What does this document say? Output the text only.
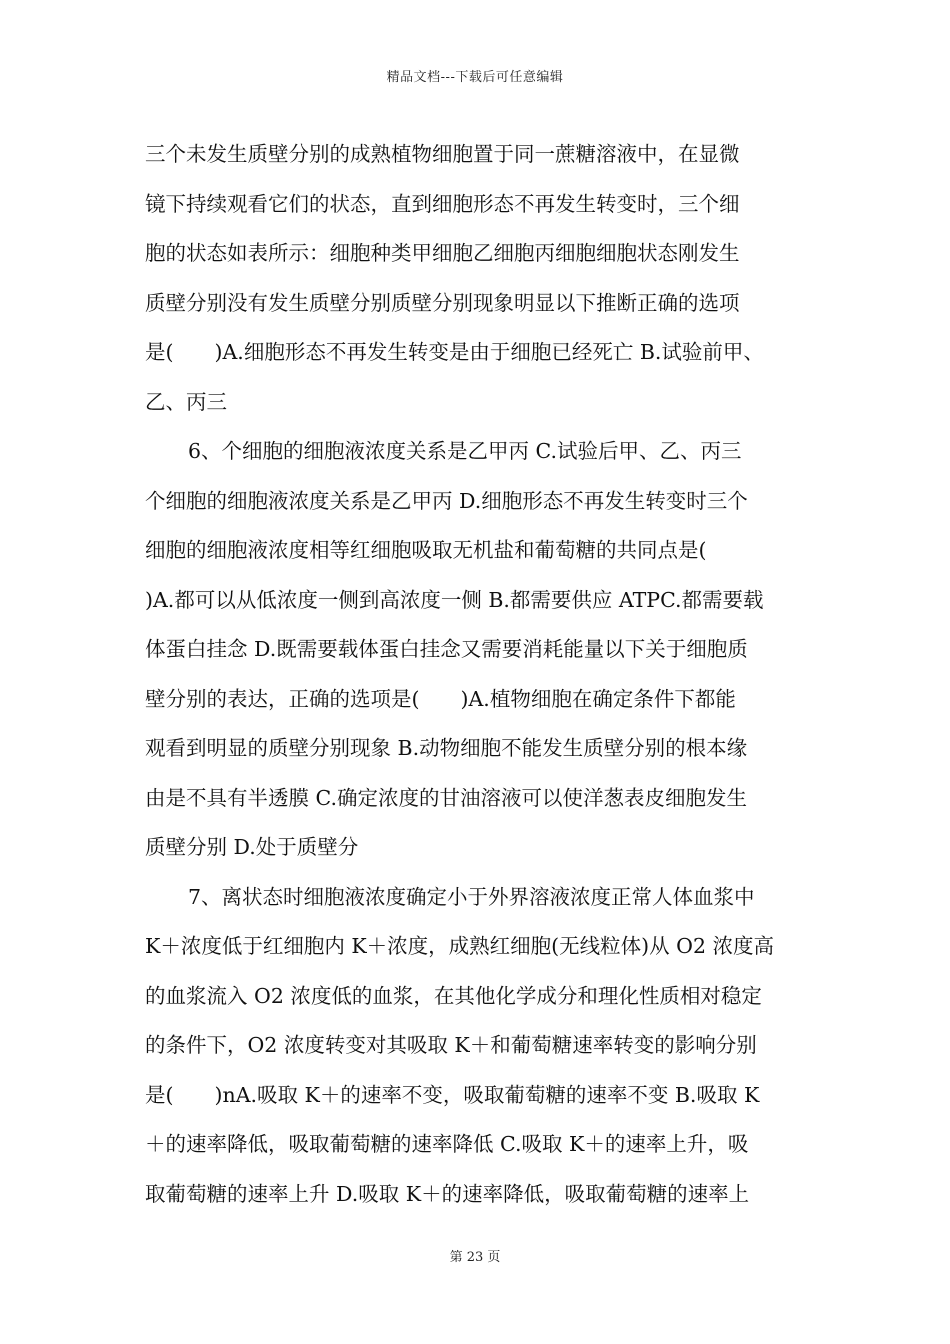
精品文档---下载后可任意编辑
三个未发生质壁分别的成熟植物细胞置于同一蔗糖溶液中，在显微
镜下持续观看它们的状态，直到细胞形态不再发生转变时，三个细
胞的状态如表所示：细胞种类甲细胞乙细胞丙细胞细胞状态刚发生
质壁分别没有发生质壁分别质壁分别现象明显以下推断正确的选项
是(　　)A.细胞形态不再发生转变是由于细胞已经死亡 B.试验前甲、
乙、丙三
6、个细胞的细胞液浓度关系是乙甲丙 C.试验后甲、乙、丙三
个细胞的细胞液浓度关系是乙甲丙 D.细胞形态不再发生转变时三个
细胞的细胞液浓度相等红细胞吸取无机盐和葡萄糖的共同点是(
)A.都可以从低浓度一侧到高浓度一侧 B.都需要供应 ATPC.都需要载
体蛋白挂念 D.既需要载体蛋白挂念又需要消耗能量以下关于细胞质
壁分别的表达，正确的选项是(　　)A.植物细胞在确定条件下都能
观看到明显的质壁分别现象 B.动物细胞不能发生质壁分别的根本缘
由是不具有半透膜 C.确定浓度的甘油溶液可以使洋葱表皮细胞发生
质壁分别 D.处于质壁分
7、离状态时细胞液浓度确定小于外界溶液浓度正常人体血浆中
K＋浓度低于红细胞内 K＋浓度，成熟红细胞(无线粒体)从 O2 浓度高
的血浆流入 O2 浓度低的血浆，在其他化学成分和理化性质相对稳定
的条件下，O2 浓度转变对其吸取 K＋和葡萄糖速率转变的影响分别
是(　　)nA.吸取 K＋的速率不变，吸取葡萄糖的速率不变 B.吸取 K
＋的速率降低，吸取葡萄糖的速率降低 C.吸取 K＋的速率上升，吸
取葡萄糖的速率上升 D.吸取 K＋的速率降低，吸取葡萄糖的速率上
第 23 页
